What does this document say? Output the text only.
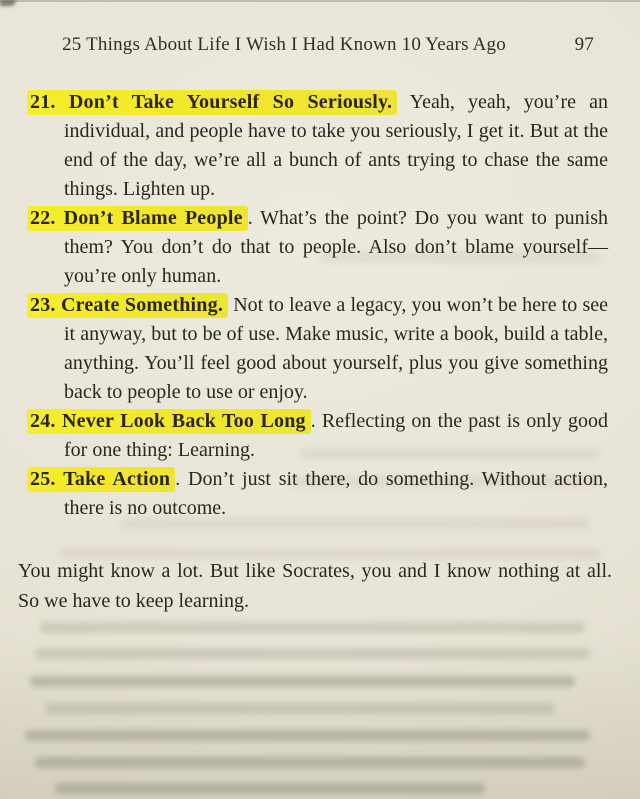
25 Things About Life I Wish I Had Known 10 Years Ago	97
21. Don’t Take Yourself So Seriously. Yeah, yeah, you’re an individual, and people have to take you seriously, I get it. But at the end of the day, we’re all a bunch of ants trying to chase the same things. Lighten up.
22. Don’t Blame People . What’s the point? Do you want to punish them? You don’t do that to people. Also don’t blame yourself—you’re only human.
23. Create Something. Not to leave a legacy, you won’t be here to see it anyway, but to be of use. Make music, write a book, build a table, anything. You’ll feel good about yourself, plus you give something back to people to use or enjoy.
24. Never Look Back Too Long . Reflecting on the past is only good for one thing: Learning.
25. Take Action . Don’t just sit there, do something. Without action, there is no outcome.

You might know a lot. But like Socrates, you and I know nothing at all. So we have to keep learning.
